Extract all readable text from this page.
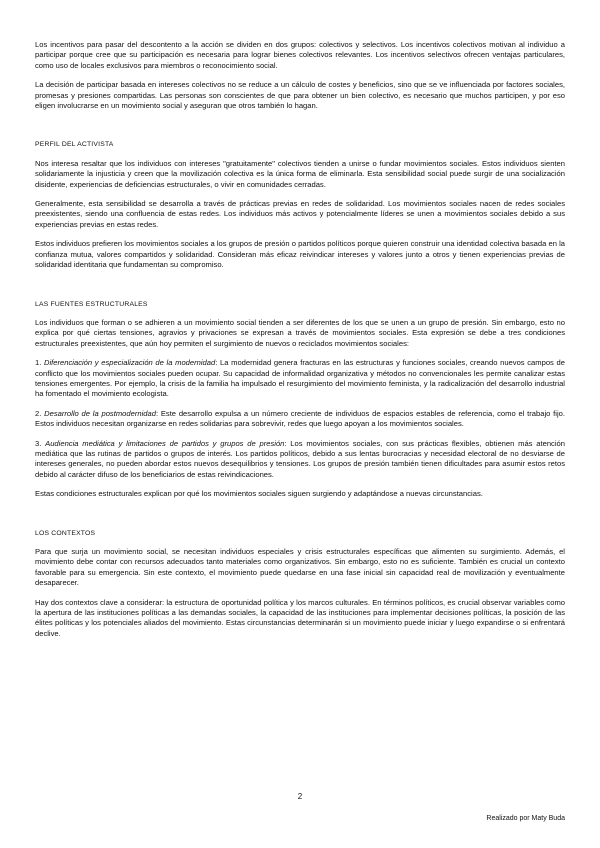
Los incentivos para pasar del descontento a la acción se dividen en dos grupos: colectivos y selectivos. Los incentivos colectivos motivan al individuo a participar porque cree que su participación es necesaria para lograr bienes colectivos relevantes. Los incentivos selectivos ofrecen ventajas particulares, como uso de locales exclusivos para miembros o reconocimiento social.

La decisión de participar basada en intereses colectivos no se reduce a un cálculo de costes y beneficios, sino que se ve influenciada por factores sociales, promesas y presiones compartidas. Las personas son conscientes de que para obtener un bien colectivo, es necesario que muchos participen, y por eso eligen involucrarse en un movimiento social y aseguran que otros también lo hagan.

PERFIL DEL ACTIVISTA

Nos interesa resaltar que los individuos con intereses "gratuitamente" colectivos tienden a unirse o fundar movimientos sociales. Estos individuos sienten solidariamente la injusticia y creen que la movilización colectiva es la única forma de eliminarla. Esta sensibilidad social puede surgir de una socialización disidente, experiencias de deficiencias estructurales, o vivir en comunidades cerradas.

Generalmente, esta sensibilidad se desarrolla a través de prácticas previas en redes de solidaridad. Los movimientos sociales nacen de redes sociales preexistentes, siendo una confluencia de estas redes. Los individuos más activos y potencialmente líderes se unen a movimientos sociales debido a sus experiencias previas en estas redes.

Estos individuos prefieren los movimientos sociales a los grupos de presión o partidos políticos porque quieren construir una identidad colectiva basada en la confianza mutua, valores compartidos y solidaridad. Consideran más eficaz reivindicar intereses y valores junto a otros y tienen experiencias previas de solidaridad identitaria que fundamentan su compromiso.

LAS FUENTES ESTRUCTURALES

Los individuos que forman o se adhieren a un movimiento social tienden a ser diferentes de los que se unen a un grupo de presión. Sin embargo, esto no explica por qué ciertas tensiones, agravios y privaciones se expresan a través de movimientos sociales. Esta expresión se debe a tres condiciones estructurales preexistentes, que aún hoy permiten el surgimiento de nuevos o reciclados movimientos sociales:

1. Diferenciación y especialización de la modernidad: La modernidad genera fracturas en las estructuras y funciones sociales, creando nuevos campos de conflicto que los movimientos sociales pueden ocupar. Su capacidad de informalidad organizativa y métodos no convencionales les permite canalizar estas tensiones emergentes. Por ejemplo, la crisis de la familia ha impulsado el resurgimiento del movimiento feminista, y la radicalización del desarrollo industrial ha fomentado el movimiento ecologista.

2. Desarrollo de la postmodernidad: Este desarrollo expulsa a un número creciente de individuos de espacios estables de referencia, como el trabajo fijo. Estos individuos necesitan organizarse en redes solidarias para sobrevivir, redes que luego apoyan a los movimientos sociales.

3. Audiencia mediática y limitaciones de partidos y grupos de presión: Los movimientos sociales, con sus prácticas flexibles, obtienen más atención mediática que las rutinas de partidos o grupos de interés. Los partidos políticos, debido a sus lentas burocracias y necesidad electoral de no desviarse de intereses generales, no pueden abordar estos nuevos desequilibrios y tensiones. Los grupos de presión también tienen dificultades para asumir estos retos debido al carácter difuso de los beneficiarios de estas reivindicaciones.

Estas condiciones estructurales explican por qué los movimientos sociales siguen surgiendo y adaptándose a nuevas circunstancias.

LOS CONTEXTOS

Para que surja un movimiento social, se necesitan individuos especiales y crisis estructurales específicas que alimenten su surgimiento. Además, el movimiento debe contar con recursos adecuados tanto materiales como organizativos. Sin embargo, esto no es suficiente. También es crucial un contexto favorable para su emergencia. Sin este contexto, el movimiento puede quedarse en una fase inicial sin capacidad real de movilización y eventualmente desaparecer.

Hay dos contextos clave a considerar: la estructura de oportunidad política y los marcos culturales. En términos políticos, es crucial observar variables como la apertura de las instituciones políticas a las demandas sociales, la capacidad de las instituciones para implementar decisiones políticas, la posición de las élites políticas y los potenciales aliados del movimiento. Estas circunstancias determinarán si un movimiento puede iniciar y luego expandirse o si enfrentará declive.

2
Realizado por Maty Buda
